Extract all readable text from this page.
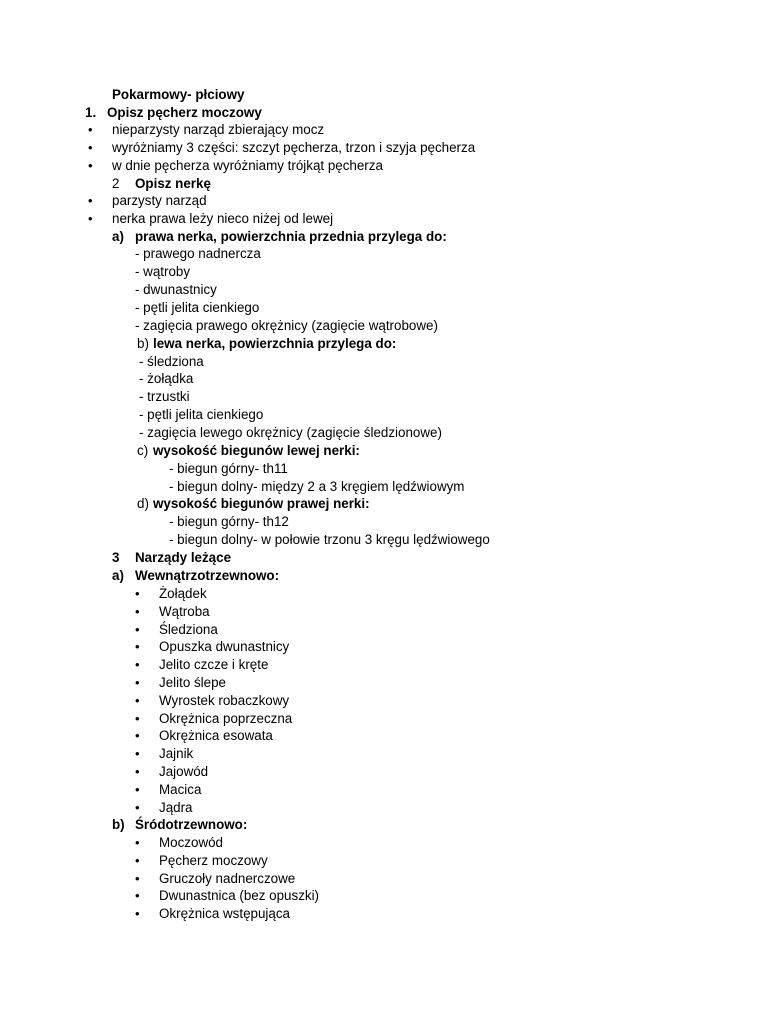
Pokarmowy- płciowy
1. Opisz pęcherz moczowy
• nieparzysty narząd zbierający mocz
• wyróżniamy 3 części: szczyt pęcherza, trzon i szyja pęcherza
• w dnie pęcherza wyróżniamy trójkąt pęcherza
2 Opisz nerkę
• parzysty narząd
• nerka prawa leży nieco niżej od lewej
a) prawa nerka, powierzchnia przednia przylega do:
- prawego nadnercza
- wątroby
- dwunastnicy
- pętli jelita cienkiego
- zagięcia prawego okrężnicy (zagięcie wątrobowe)
b) lewa nerka, powierzchnia przylega do:
- śledziona
- żołądka
- trzustki
- pętli jelita cienkiego
- zagięcia lewego okrężnicy (zagięcie śledzionowe)
c) wysokość biegunów lewej nerki:
- biegun górny- th11
- biegun dolny- między 2 a 3 kręgiem lędźwiowym
d) wysokość biegunów prawej nerki:
- biegun górny- th12
- biegun dolny- w połowie trzonu 3 kręgu lędźwiowego
3 Narządy leżące
a) Wewnątrzotrzewnowo:
• Żołądek
• Wątroba
• Śledziona
• Opuszka dwunastnicy
• Jelito czcze i kręte
• Jelito ślepe
• Wyrostek robaczkowy
• Okrężnica poprzeczna
• Okrężnica esowata
• Jajnik
• Jajowód
• Macica
• Jądra
b) Śródotrzewnowo:
• Moczowód
• Pęcherz moczowy
• Gruczoły nadnerczowe
• Dwunastnica (bez opuszki)
• Okrężnica wstępująca
